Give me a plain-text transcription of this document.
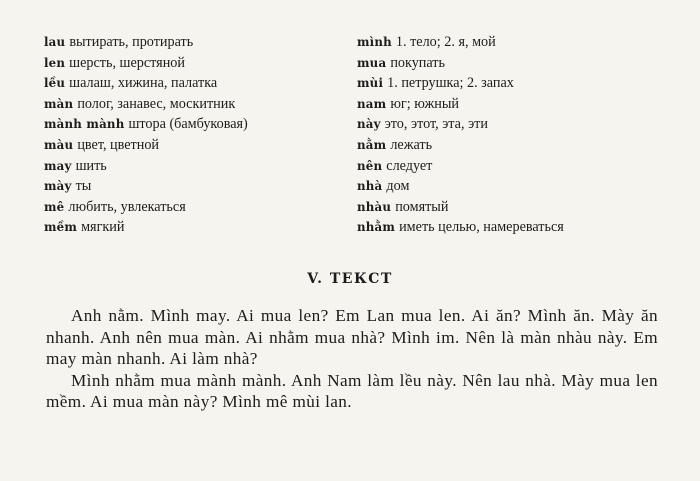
lau вытирать, протирать
len шерсть, шерстяной
lều шалаш, хижина, палатка
màn полог, занавес, москитник
mành mành штора (бамбуковая)
màu цвет, цветной
may шить
mày ты
mê любить, увлекаться
mềm мягкий
mình 1. тело; 2. я, мой
mua покупать
mùi 1. петрушка; 2. запах
nam юг; южный
này это, этот, эта, эти
nằm лежать
nên следует
nhà дом
nhàu помятый
nhằm иметь целью, намереваться
V. ТЕКСТ

Anh nằm. Mình may. Ai mua len? Em Lan mua len. Ai ăn? Mình ăn. Mày ăn nhanh. Anh nên mua màn. Ai nhằm mua nhà? Mình im. Nên là màn nhàu này. Em may màn nhanh. Ai làm nhà?

Mình nhằm mua mành mành. Anh Nam làm lều này. Nên lau nhà. Mày mua len mềm. Ai mua màn này? Mình mê mùi lan.
